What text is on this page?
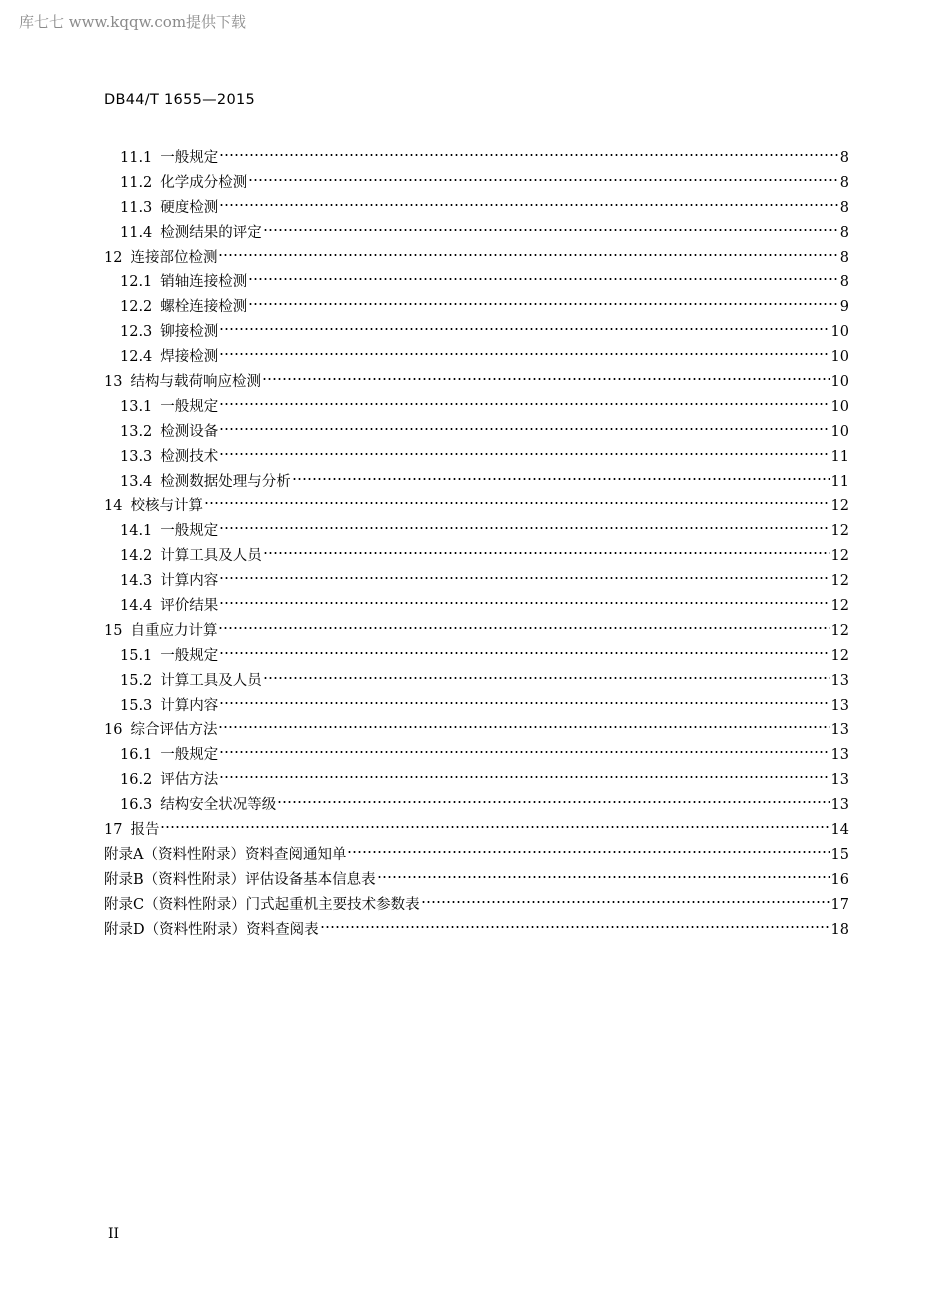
库七七 www.kqqw.com提供下载
DB44/T 1655—2015
11.1 一般规定	8
11.2 化学成分检测	8
11.3 硬度检测	8
11.4 检测结果的评定	8
12 连接部位检测	8
12.1 销轴连接检测	8
12.2 螺栓连接检测	9
12.3 铆接检测	10
12.4 焊接检测	10
13 结构与载荷响应检测	10
13.1 一般规定	10
13.2 检测设备	10
13.3 检测技术	11
13.4 检测数据处理与分析	11
14 校核与计算	12
14.1 一般规定	12
14.2 计算工具及人员	12
14.3 计算内容	12
14.4 评价结果	12
15 自重应力计算	12
15.1 一般规定	12
15.2 计算工具及人员	13
15.3 计算内容	13
16 综合评估方法	13
16.1 一般规定	13
16.2 评估方法	13
16.3 结构安全状况等级	13
17 报告	14
附录A（资料性附录）资料查阅通知单	15
附录B（资料性附录）评估设备基本信息表	16
附录C（资料性附录）门式起重机主要技术参数表	17
附录D（资料性附录）资料查阅表	18
II
